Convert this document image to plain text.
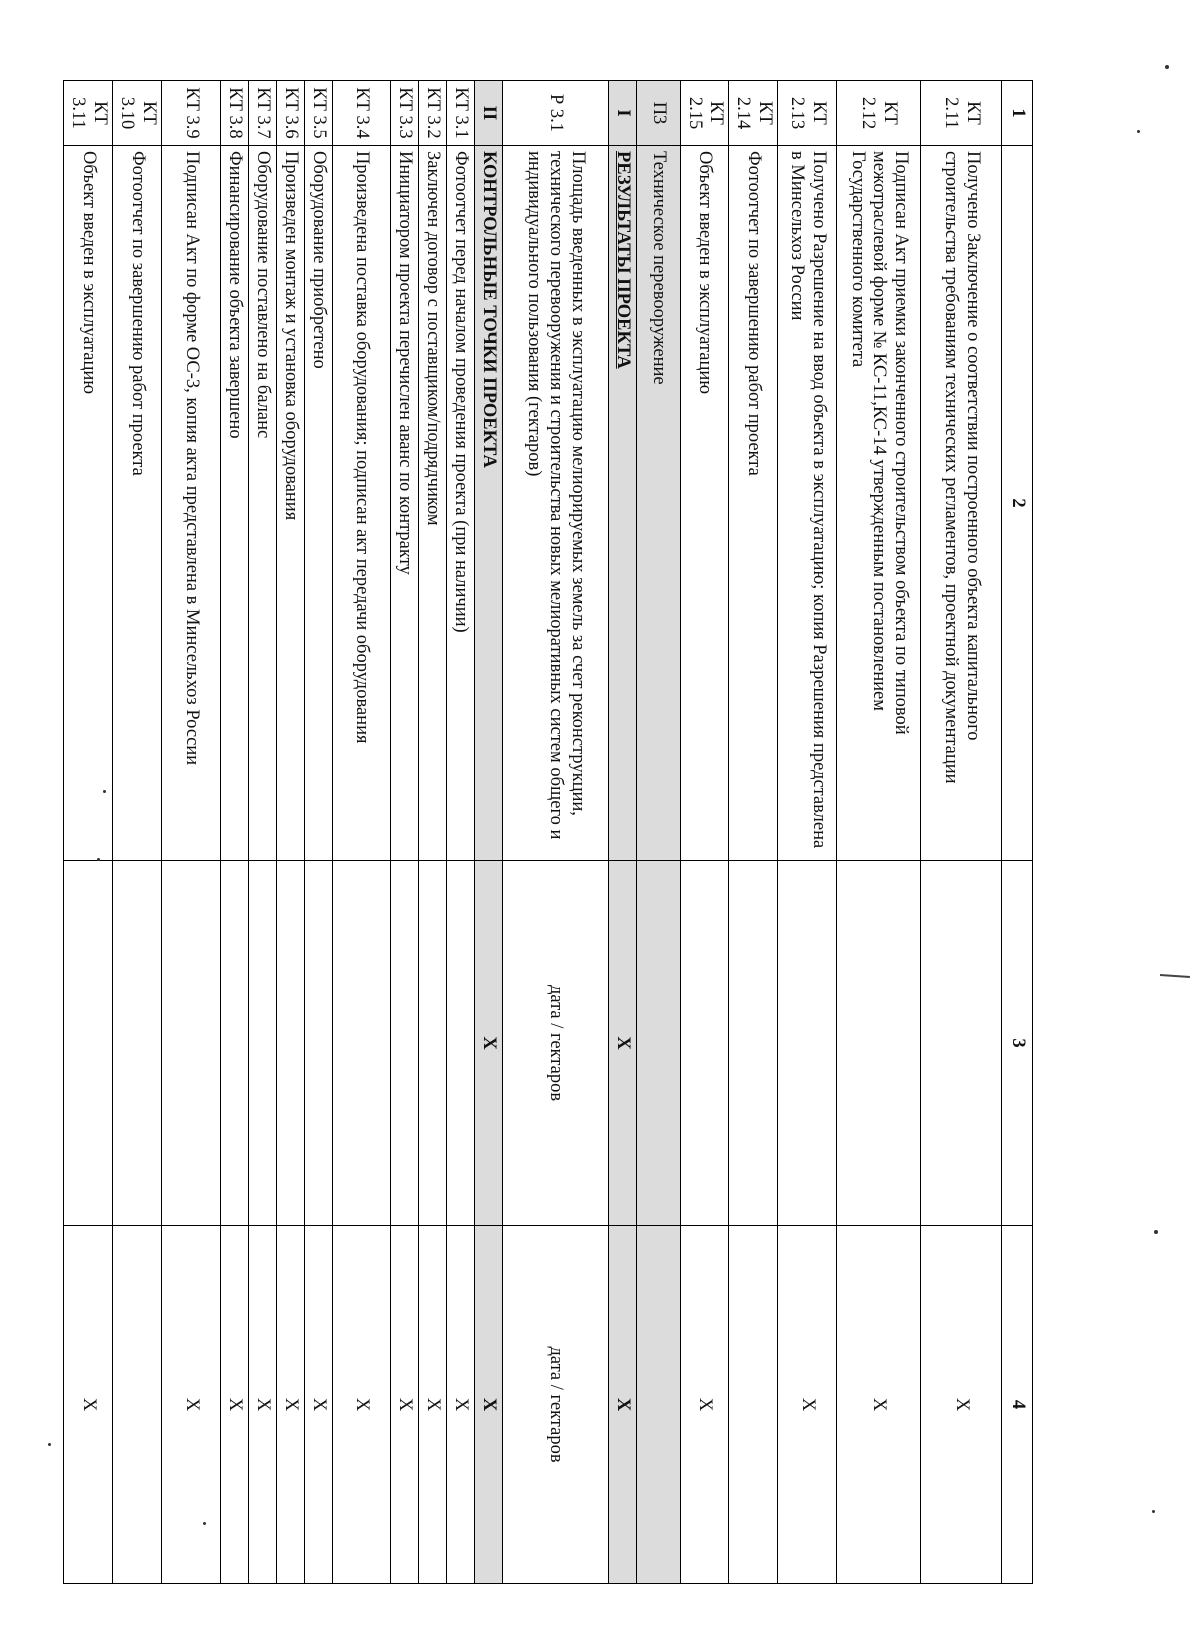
1	2	3	4
КТ 2.11	Получено Заключение о соответствии построенного объекта капитального строительства требованиям технических регламентов, проектной документации		X
КТ 2.12	Подписан Акт приемки законченного строительством объекта по типовой межотраслевой форме № КС-11,КС-14 утвержденным постановлением Государственного комитета		X
КТ 2.13	Получено Разрешение на ввод объекта в эксплуатацию; копия Разрешения представлена в Минсельхоз России		X
КТ 2.14	Фотоотчет по завершению работ проекта		
КТ 2.15	Объект введен в эксплуатацию		X
П3	Техническое перевооружение		
I	РЕЗУЛЬТАТЫ ПРОЕКТА	X	X
Р 3.1	Площадь введенных в эксплуатацию мелиорируемых земель за счет реконструкции, технического перевооружения и строительства новых мелиоративных систем общего и индивидуального пользования (гектаров)	дата / гектаров	дата / гектаров
II	КОНТРОЛЬНЫЕ ТОЧКИ ПРОЕКТА	X	X
КТ 3.1	Фотоотчет перед началом проведения проекта (при наличии)		X
КТ 3.2	Заключен договор с поставщиком/подрядчиком		X
КТ 3.3	Инициатором проекта перечислен аванс по контракту		X
КТ 3.4	Произведена поставка оборудования; подписан акт передачи оборудования		X
КТ 3.5	Оборудование приобретено		X
КТ 3.6	Произведен монтаж и установка оборудования		X
КТ 3.7	Оборудование поставлено на баланс		X
КТ 3.8	Финансирование объекта завершено		X
КТ 3.9	Подписан Акт по форме ОС-3, копия акта представлена в Минсельхоз России		X
КТ 3.10	Фотоотчет по завершению работ проекта		
КТ 3.11	Объект введен в эксплуатацию		X
